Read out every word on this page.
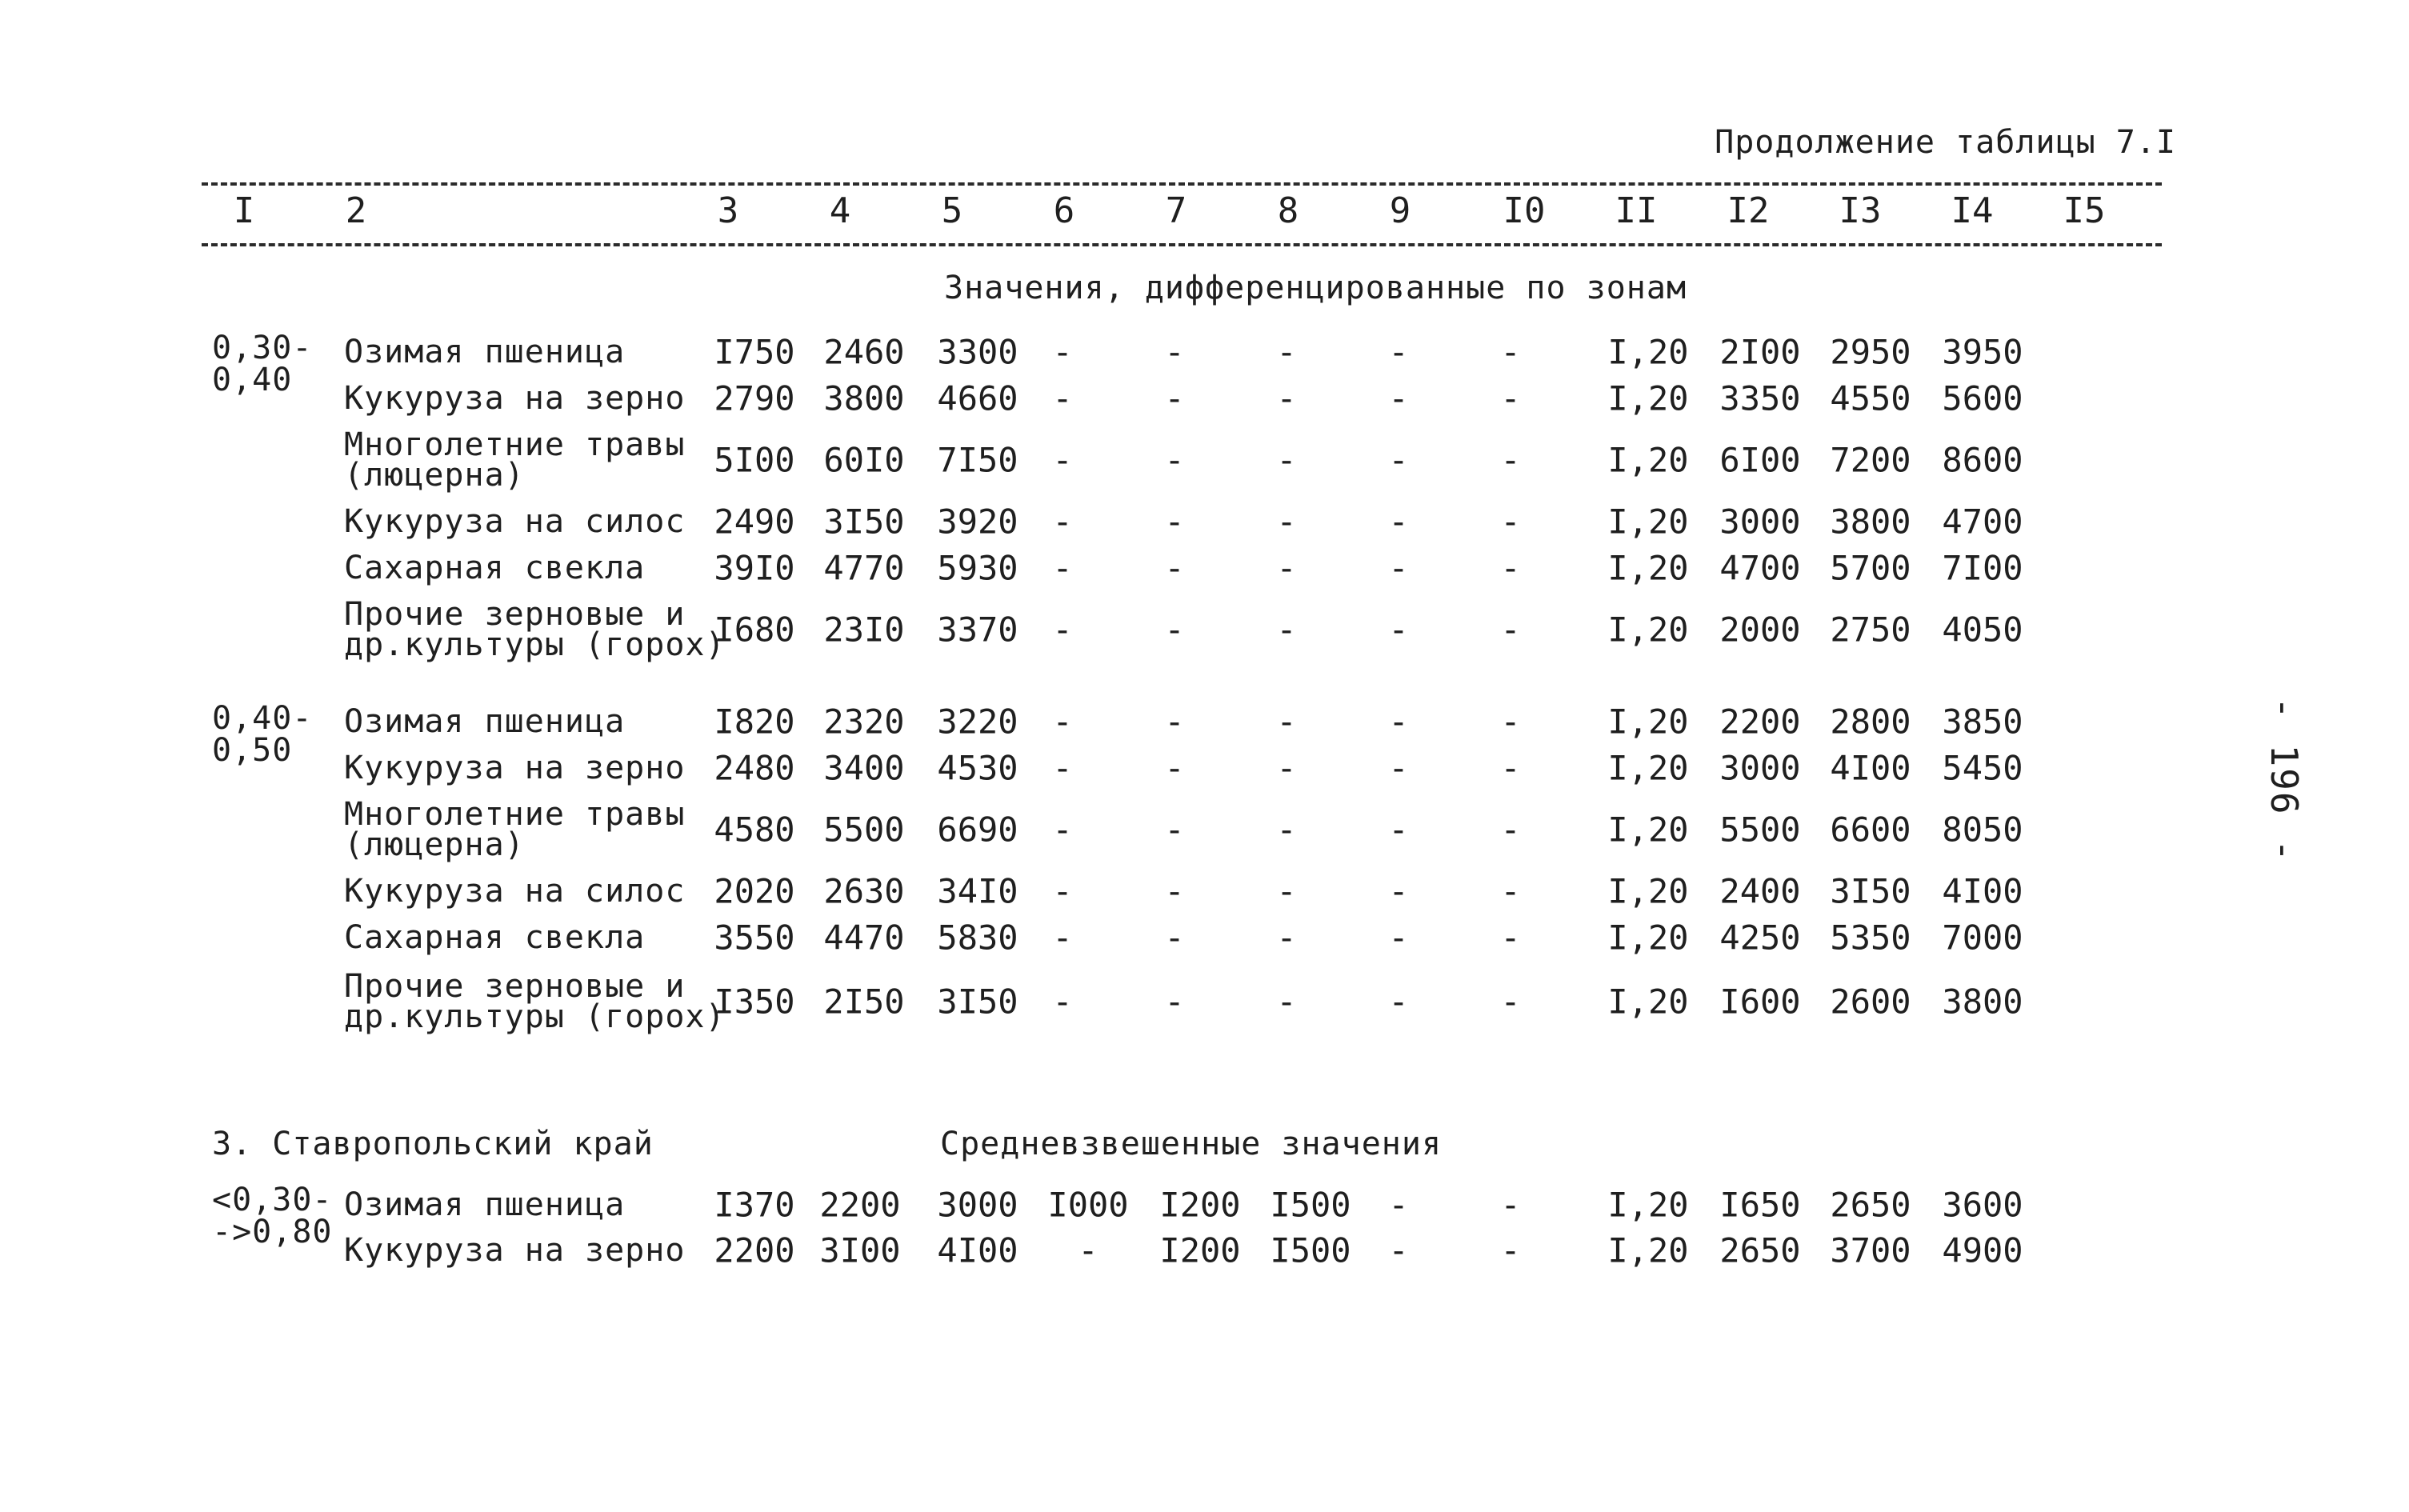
Продолжение таблицы 7.I
I	2	3	4	5	6	7	8	9	I0 II I2 I3 I4 I5
Значения, дифференцированные по зонам
0,30-
0,40
Озимая пшеница	I750 2460 3300 -	-	-	-	-	I,20 2I00 2950 3950
Кукуруза на зерно 2790 3800 4660 -	-	-	-	-	I,20 3350 4550 5600
Многолетние травы
(люцерна)	5I00 60I0 7I50 -	-	-	-	-	I,20 6I00 7200 8600
Кукуруза на силос 2490 3I50 3920 -	-	-	-	-	I,20 3000 3800 4700
Сахарная свекла 39I0 4770 5930 -	-	-	-	-	I,20 4700 5700 7I00
Прочие зерновые и
др.культуры (горох)
I680 23I0 3370 -	-	-	-	-	I,20 2000 2750 4050
0,40-
0,50
Озимая пшеница	I820 2320 3220 -	-	-	-	-	I,20 2200 2800 3850
Кукуруза на зерно 2480 3400 4530 -	-	-	-	-	I,20 3000 4I00 5450
Многолетние травы
(люцерна)	4580 5500 6690 -	-	-	-	-	I,20 5500 6600 8050
Кукуруза на силос 2020 2630 34I0 -	-	-	-	-	I,20 2400 3I50 4I00
Сахарная свекла 3550 4470 5830 -	-	-	-	-	I,20 4250 5350 7000
Прочие зерновые и
др.культуры (горох)
I350 2I50 3I50 -	-	-	-	-	I,20 I600 2600 3800
3. Ставропольский край	Средневзвешенные значения
<0,30-
->0,80
Озимая пшеница	I370 2200 3000 I000 I200 I500 -	-	I,20 I650 2650 3600
Кукуруза на зерно 2200 3I00 4I00 - I200 I500 -	-	I,20 2650 3700 4900
- 196 -
